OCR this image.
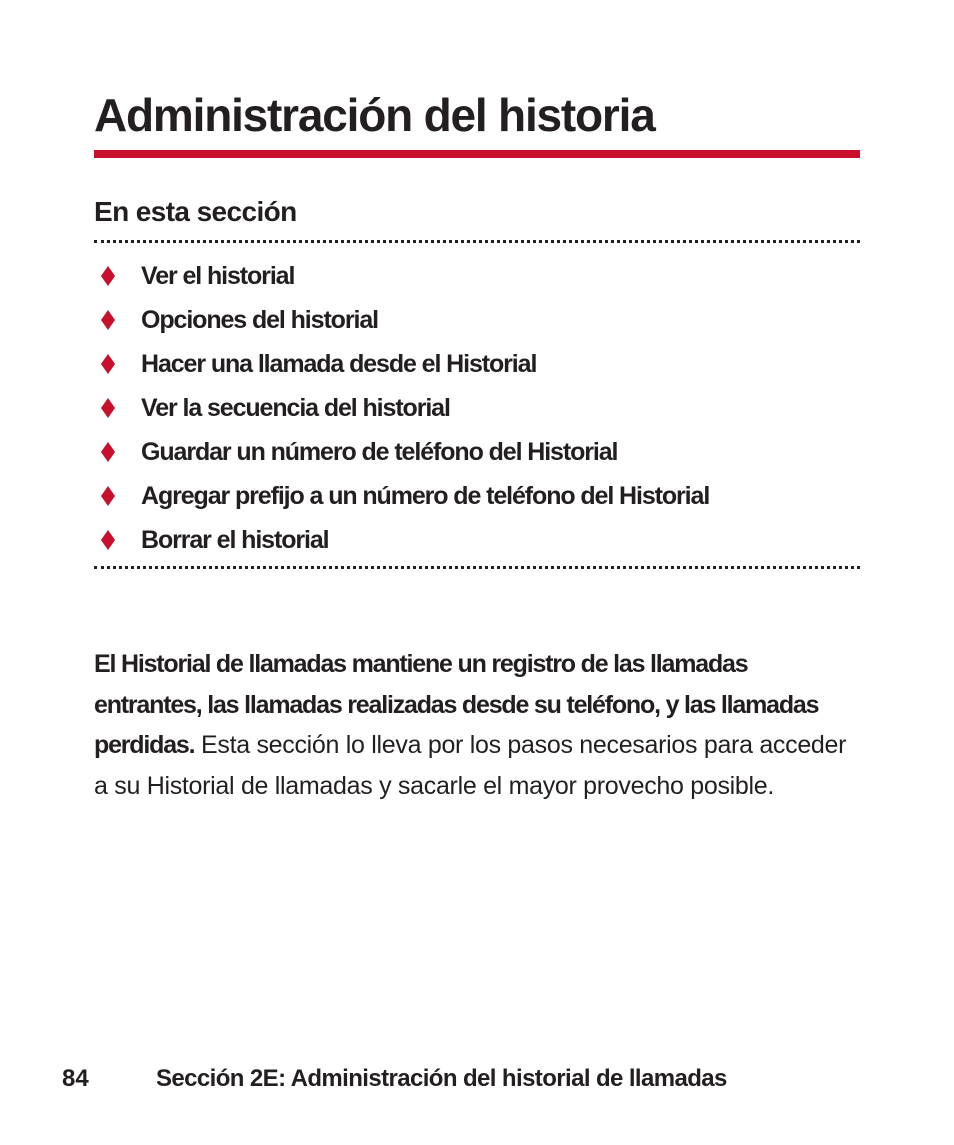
Administración del historia
En esta sección
Ver el historial
Opciones del historial
Hacer una llamada desde el Historial
Ver la secuencia del historial
Guardar un número de teléfono del Historial
Agregar prefijo a un número de teléfono del Historial
Borrar el historial

El Historial de llamadas mantiene un registro de las llamadas entrantes, las llamadas realizadas desde su teléfono, y las llamadas perdidas. Esta sección lo lleva por los pasos necesarios para acceder a su Historial de llamadas y sacarle el mayor provecho posible.

84	Sección 2E: Administración del historial de llamadas
